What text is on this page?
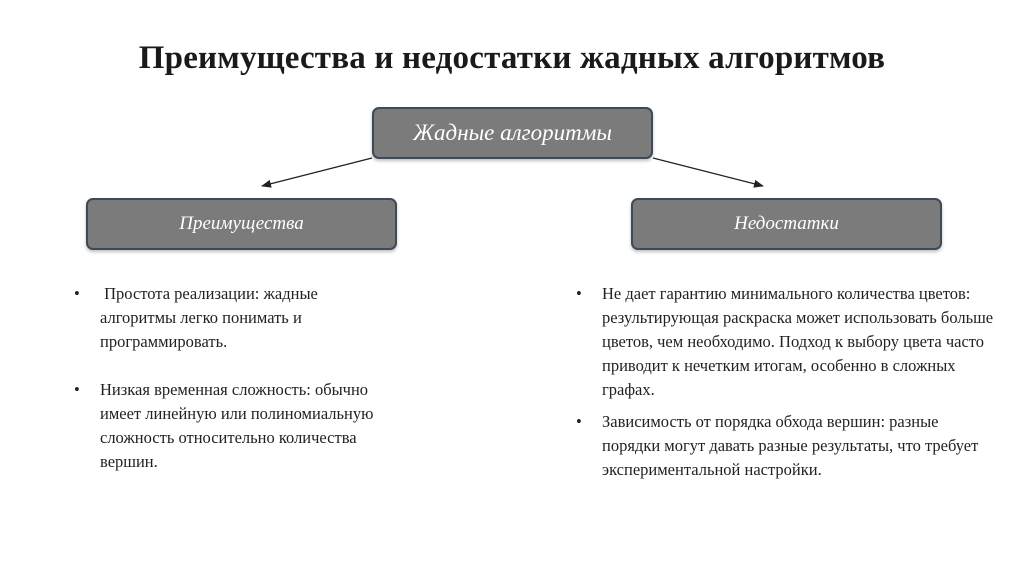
Преимущества и недостатки жадных алгоритмов
Жадные алгоритмы
Преимущества	Недостатки
• Простота реализации: жадные алгоритмы легко понимать и программировать.
• Низкая временная сложность: обычно имеет линейную или полиномиальную сложность относительно количества вершин.
• Не дает гарантию минимального количества цветов: результирующая раскраска может использовать больше цветов, чем необходимо. Подход к выбору цвета часто приводит к нечетким итогам, особенно в сложных графах.
• Зависимость от порядка обхода вершин: разные порядки могут давать разные результаты, что требует экспериментальной настройки.
